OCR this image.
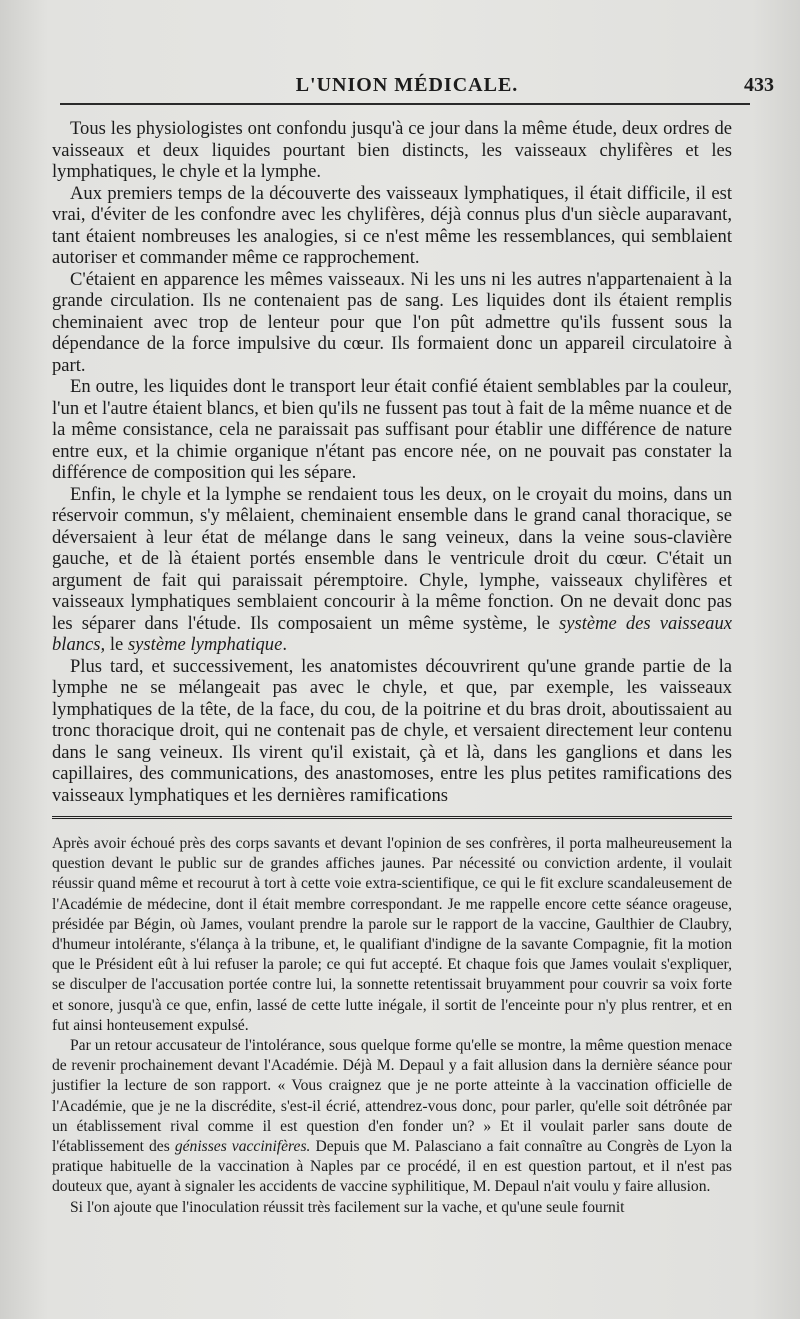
L'UNION MÉDICALE.	433

Tous les physiologistes ont confondu jusqu'à ce jour dans la même étude, deux ordres de vaisseaux et deux liquides pourtant bien distincts, les vaisseaux chylifères et les lymphatiques, le chyle et la lymphe.

Aux premiers temps de la découverte des vaisseaux lymphatiques, il était difficile, il est vrai, d'éviter de les confondre avec les chylifères, déjà connus plus d'un siècle auparavant, tant étaient nombreuses les analogies, si ce n'est même les ressemblances, qui semblaient autoriser et commander même ce rapprochement.

C'étaient en apparence les mêmes vaisseaux. Ni les uns ni les autres n'appartenaient à la grande circulation. Ils ne contenaient pas de sang. Les liquides dont ils étaient remplis cheminaient avec trop de lenteur pour que l'on pût admettre qu'ils fussent sous la dépendance de la force impulsive du cœur. Ils formaient donc un appareil circulatoire à part.

En outre, les liquides dont le transport leur était confié étaient semblables par la couleur, l'un et l'autre étaient blancs, et bien qu'ils ne fussent pas tout à fait de la même nuance et de la même consistance, cela ne paraissait pas suffisant pour établir une différence de nature entre eux, et la chimie organique n'étant pas encore née, on ne pouvait pas constater la différence de composition qui les sépare.

Enfin, le chyle et la lymphe se rendaient tous les deux, on le croyait du moins, dans un réservoir commun, s'y mêlaient, cheminaient ensemble dans le grand canal thoracique, se déversaient à leur état de mélange dans le sang veineux, dans la veine sous-clavière gauche, et de là étaient portés ensemble dans le ventricule droit du cœur. C'était un argument de fait qui paraissait péremptoire. Chyle, lymphe, vaisseaux chylifères et vaisseaux lymphatiques semblaient concourir à la même fonction. On ne devait donc pas les séparer dans l'étude. Ils composaient un même système, le système des vaisseaux blancs, le système lymphatique.

Plus tard, et successivement, les anatomistes découvrirent qu'une grande partie de la lymphe ne se mélangeait pas avec le chyle, et que, par exemple, les vaisseaux lymphatiques de la tête, de la face, du cou, de la poitrine et du bras droit, aboutissaient au tronc thoracique droit, qui ne contenait pas de chyle, et versaient directement leur contenu dans le sang veineux. Ils virent qu'il existait, çà et là, dans les ganglions et dans les capillaires, des communications, des anastomoses, entre les plus petites ramifications des vaisseaux lymphatiques et les dernières ramifications

Après avoir échoué près des corps savants et devant l'opinion de ses confrères, il porta malheureusement la question devant le public sur de grandes affiches jaunes. Par nécessité ou conviction ardente, il voulait réussir quand même et recourut à tort à cette voie extra-scientifique, ce qui le fit exclure scandaleusement de l'Académie de médecine, dont il était membre correspondant. Je me rappelle encore cette séance orageuse, présidée par Bégin, où James, voulant prendre la parole sur le rapport de la vaccine, Gaulthier de Claubry, d'humeur intolérante, s'élança à la tribune, et, le qualifiant d'indigne de la savante Compagnie, fit la motion que le Président eût à lui refuser la parole; ce qui fut accepté. Et chaque fois que James voulait s'expliquer, se disculper de l'accusation portée contre lui, la sonnette retentissait bruyamment pour couvrir sa voix forte et sonore, jusqu'à ce que, enfin, lassé de cette lutte inégale, il sortit de l'enceinte pour n'y plus rentrer, et en fut ainsi honteusement expulsé.

Par un retour accusateur de l'intolérance, sous quelque forme qu'elle se montre, la même question menace de revenir prochainement devant l'Académie. Déjà M. Depaul y a fait allusion dans la dernière séance pour justifier la lecture de son rapport. « Vous craignez que je ne porte atteinte à la vaccination officielle de l'Académie, que je ne la discrédite, s'est-il écrié, attendrez-vous donc, pour parler, qu'elle soit détrônée par un établissement rival comme il est question d'en fonder un? » Et il voulait parler sans doute de l'établissement des génisses vaccinifères. Depuis que M. Palasciano a fait connaître au Congrès de Lyon la pratique habituelle de la vaccination à Naples par ce procédé, il en est question partout, et il n'est pas douteux que, ayant à signaler les accidents de vaccine syphilitique, M. Depaul n'ait voulu y faire allusion.

Si l'on ajoute que l'inoculation réussit très facilement sur la vache, et qu'une seule fournit
